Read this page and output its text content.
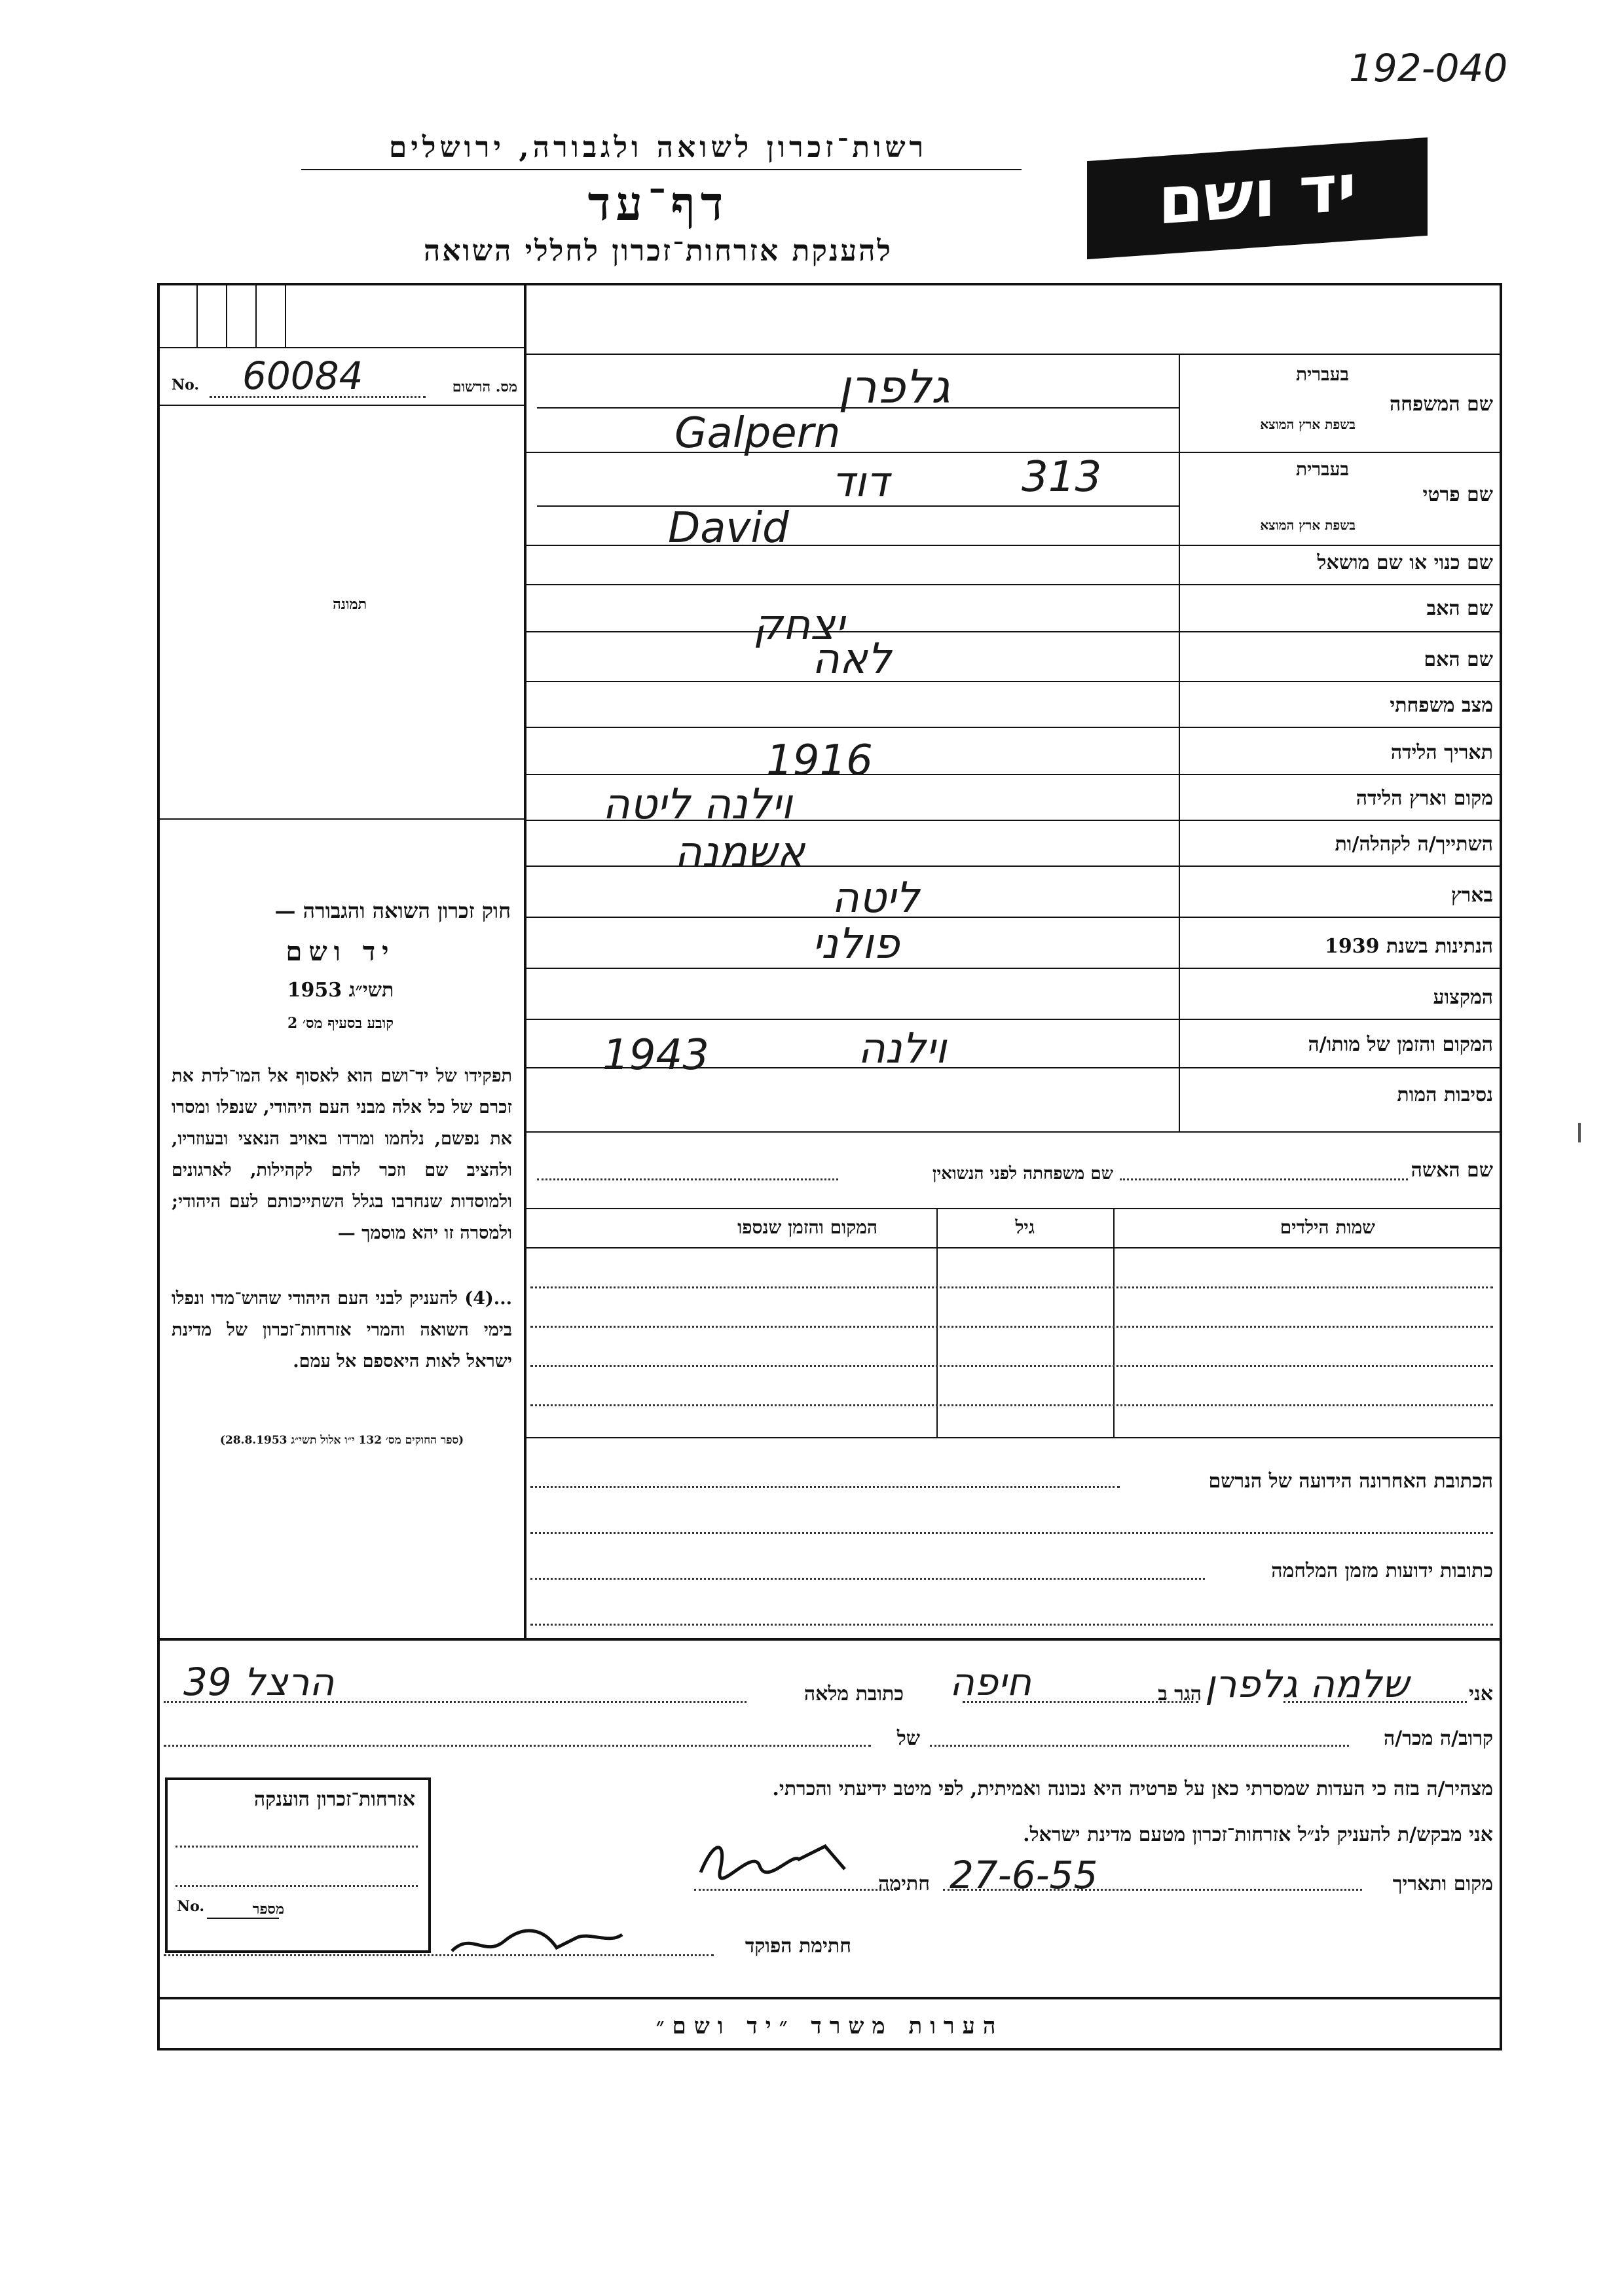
192-040
יד ושם
רשות־זכרון לשואה ולגבורה, ירושלים
דף־עד
להענקת אזרחות־זכרון לחללי השואה
מס. הרשום
No. 60084
תמונה
חוק זכרון השואה והגבורה —
יד ושם
תשי״ג 1953
קובע בסעיף מס׳ 2
תפקידו של יד־ושם הוא לאסוף אל המו־לדת את זכרם של כל אלה מבני העם היהודי, שנפלו ומסרו את נפשם, נלחמו ומרדו באויב הנאצי ובעוזריו, ולהציב שם וזכר להם לקהילות, לארגונים ולמוסדות שנחרבו בגלל השתייכותם לעם היהודי; ולמסרה זו יהא מוסמך —
...(4) להעניק לבני העם היהודי שהוש־מדו ונפלו בימי השואה והמרי אזרחות־זכרון של מדינת ישראל לאות היאספם אל עמם.
(ספר החוקים מס׳ 132 י״ו אלול תשי״ג 28.8.1953)
שם המשפחה
בעברית
בשפת ארץ המוצא
גלפרן
Galpern
שם פרטי
בעברית
בשפת ארץ המוצא
דוד	313
David
שם כנוי או שם מושאל
שם האב
יצחק
שם האם
לאה
מצב משפחתי
תאריך הלידה
1916
מקום וארץ הלידה
וילנה ליטה
השתייך/ה לקהלה/ות
אשמנה
בארץ
ליטה
הנתינות בשנת 1939
פולני
המקצוע
המקום והזמן של מותו/ה
וילנה
1943
נסיבות המות
שם האשה
שם משפחתה לפני הנשואין
שמות הילדים
גיל
המקום והזמן שנספו
הכתובת האחרונה הידועה של הנרשם
כתובות ידועות מזמן המלחמה
אני
שלמה גלפרן
הגר ב
חיפה
כתובת מלאה
הרצל 39
קרוב/ה מכר/ה
של
מצהיר/ה בזה כי העדות שמסרתי כאן על פרטיה היא נכונה ואמיתית, לפי מיטב ידיעתי והכרתי.
אני מבקש/ת להעניק לנ״ל אזרחות־זכרון מטעם מדינת ישראל.
מקום ותאריך
27-6-55
חתימה
חתימת הפוקד
אזרחות־זכרון הוענקה
No.	מספר
הערות משרד ״יד ושם״
